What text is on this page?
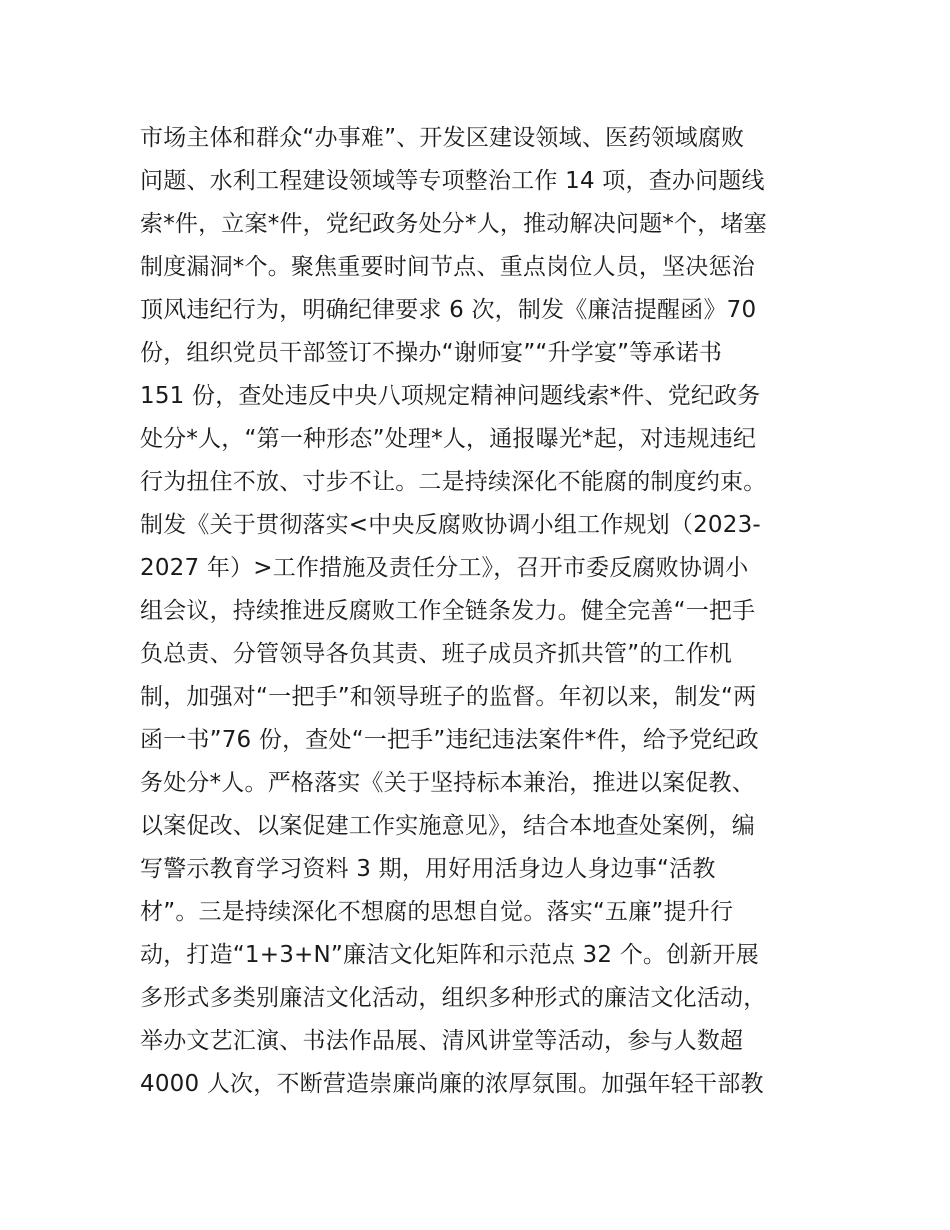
市场主体和群众“办事难”、开发区建设领域、医药领域腐败
问题、水利工程建设领域等专项整治工作 14 项，查办问题线
索*件，立案*件，党纪政务处分*人，推动解决问题*个，堵塞
制度漏洞*个。聚焦重要时间节点、重点岗位人员，坚决惩治
顶风违纪行为，明确纪律要求 6 次，制发《廉洁提醒函》70
份，组织党员干部签订不操办“谢师宴”“升学宴”等承诺书
151 份，查处违反中央八项规定精神问题线索*件、党纪政务
处分*人，“第一种形态”处理*人，通报曝光*起，对违规违纪
行为扭住不放、寸步不让。二是持续深化不能腐的制度约束。
制发《关于贯彻落实<中央反腐败协调小组工作规划（2023-
2027 年）>工作措施及责任分工》，召开市委反腐败协调小
组会议，持续推进反腐败工作全链条发力。健全完善“一把手
负总责、分管领导各负其责、班子成员齐抓共管”的工作机
制，加强对“一把手”和领导班子的监督。年初以来，制发“两
函一书”76 份，查处“一把手”违纪违法案件*件，给予党纪政
务处分*人。严格落实《关于坚持标本兼治，推进以案促教、
以案促改、以案促建工作实施意见》，结合本地查处案例，编
写警示教育学习资料 3 期，用好用活身边人身边事“活教
材”。三是持续深化不想腐的思想自觉。落实“五廉”提升行
动，打造“1+3+N”廉洁文化矩阵和示范点 32 个。创新开展
多形式多类别廉洁文化活动，组织多种形式的廉洁文化活动，
举办文艺汇演、书法作品展、清风讲堂等活动，参与人数超
4000 人次，不断营造崇廉尚廉的浓厚氛围。加强年轻干部教
